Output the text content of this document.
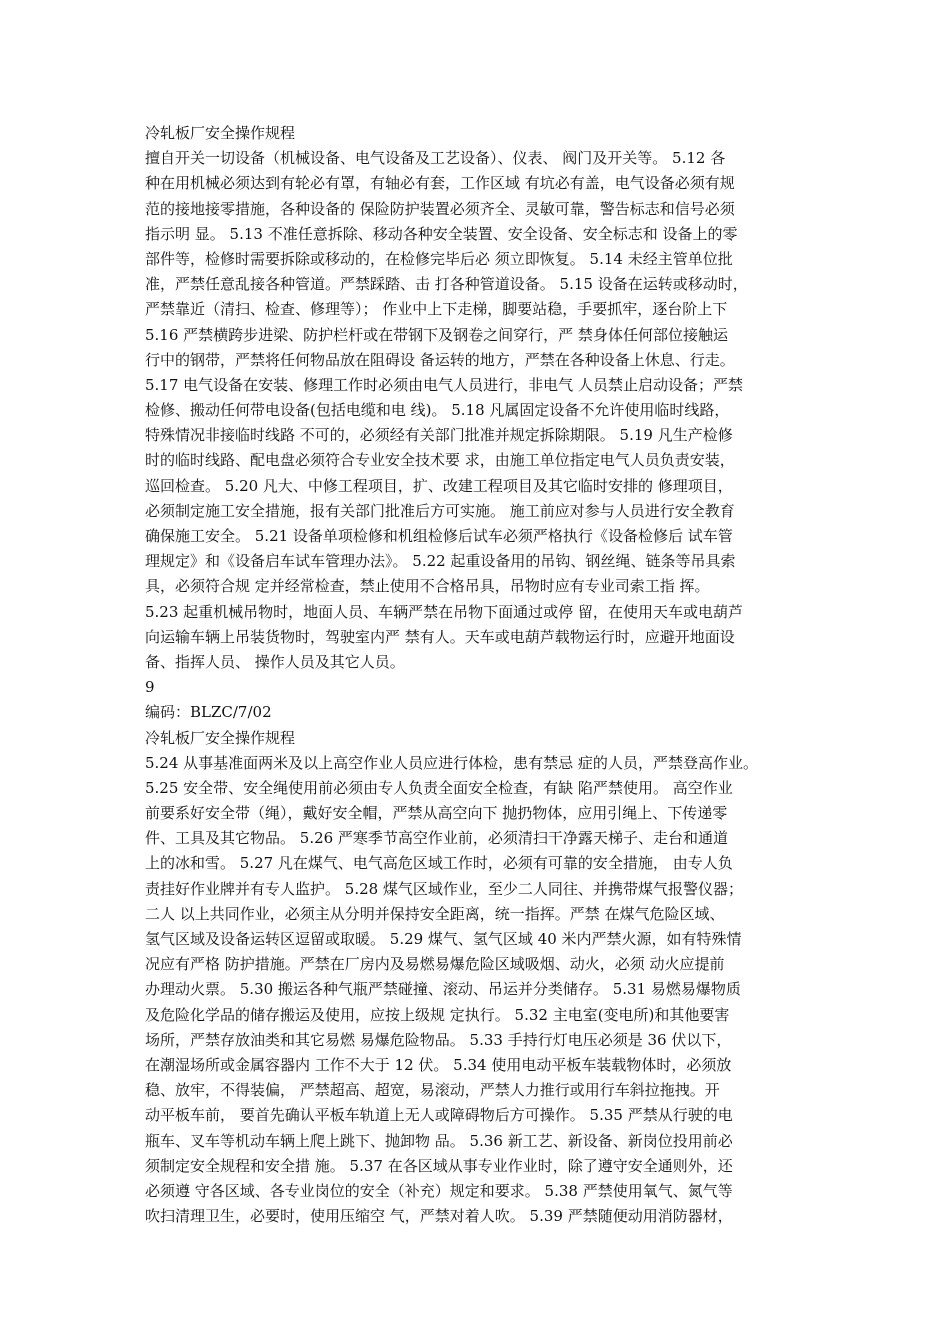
冷轧板厂安全操作规程
擅自开关一切设备（机械设备、电气设备及工艺设备）、仪表、 阀门及开关等。 5.12 各
种在用机械必须达到有轮必有罩，有轴必有套，工作区域 有坑必有盖，电气设备必须有规
范的接地接零措施，各种设备的 保险防护装置必须齐全、灵敏可靠，警告标志和信号必须
指示明 显。 5.13 不准任意拆除、移动各种安全装置、安全设备、安全标志和 设备上的零
部件等，检修时需要拆除或移动的，在检修完毕后必 须立即恢复。 5.14 未经主管单位批
准，严禁任意乱接各种管道。严禁踩踏、击 打各种管道设备。 5.15 设备在运转或移动时，
严禁靠近（清扫、检查、修理等）； 作业中上下走梯，脚要站稳，手要抓牢，逐台阶上下
5.16 严禁横跨步进梁、防护栏杆或在带钢下及钢卷之间穿行，严 禁身体任何部位接触运
行中的钢带，严禁将任何物品放在阻碍设 备运转的地方，严禁在各种设备上休息、行走。
5.17 电气设备在安装、修理工作时必须由电气人员进行，非电气 人员禁止启动设备；严禁
检修、搬动任何带电设备(包括电缆和电 线)。 5.18 凡属固定设备不允许使用临时线路，
特殊情况非接临时线路 不可的，必须经有关部门批准并规定拆除期限。 5.19 凡生产检修
时的临时线路、配电盘必须符合专业安全技术要 求，由施工单位指定电气人员负责安装，
巡回检查。 5.20 凡大、中修工程项目，扩、改建工程项目及其它临时安排的 修理项目，
必须制定施工安全措施，报有关部门批准后方可实施。 施工前应对参与人员进行安全教育
确保施工安全。 5.21 设备单项检修和机组检修后试车必须严格执行《设备检修后 试车管
理规定》和《设备启车试车管理办法》。 5.22 起重设备用的吊钩、钢丝绳、链条等吊具索
具，必须符合规 定并经常检查，禁止使用不合格吊具，吊物时应有专业司索工指 挥。
5.23 起重机械吊物时，地面人员、车辆严禁在吊物下面通过或停 留，在使用天车或电葫芦
向运输车辆上吊装货物时，驾驶室内严 禁有人。天车或电葫芦载物运行时，应避开地面设
备、指挥人员、 操作人员及其它人员。
9
编码：BLZC/7/02
冷轧板厂安全操作规程
5.24 从事基准面两米及以上高空作业人员应进行体检，患有禁忌 症的人员，严禁登高作业。
5.25 安全带、安全绳使用前必须由专人负责全面安全检查，有缺 陷严禁使用。 高空作业
前要系好安全带（绳），戴好安全帽，严禁从高空向下 抛扔物体，应用引绳上、下传递零
件、工具及其它物品。 5.26 严寒季节高空作业前，必须清扫干净露天梯子、走台和通道
上的冰和雪。 5.27 凡在煤气、电气高危区域工作时，必须有可靠的安全措施， 由专人负
责挂好作业牌并有专人监护。 5.28 煤气区域作业，至少二人同往、并携带煤气报警仪器；
二人 以上共同作业，必须主从分明并保持安全距离，统一指挥。严禁 在煤气危险区域、
氢气区域及设备运转区逗留或取暖。 5.29 煤气、氢气区域 40 米内严禁火源，如有特殊情
况应有严格 防护措施。严禁在厂房内及易燃易爆危险区域吸烟、动火，必须 动火应提前
办理动火票。 5.30 搬运各种气瓶严禁碰撞、滚动、吊运并分类储存。 5.31 易燃易爆物质
及危险化学品的储存搬运及使用，应按上级规 定执行。 5.32 主电室(变电所)和其他要害
场所，严禁存放油类和其它易燃 易爆危险物品。 5.33 手持行灯电压必须是 36 伏以下，
在潮湿场所或金属容器内 工作不大于 12 伏。 5.34 使用电动平板车装载物体时，必须放
稳、放牢，不得装偏， 严禁超高、超宽，易滚动，严禁人力推行或用行车斜拉拖拽。开
动平板车前， 要首先确认平板车轨道上无人或障碍物后方可操作。 5.35 严禁从行驶的电
瓶车、叉车等机动车辆上爬上跳下、抛卸物 品。 5.36 新工艺、新设备、新岗位投用前必
须制定安全规程和安全措 施。 5.37 在各区域从事专业作业时，除了遵守安全通则外，还
必须遵 守各区域、各专业岗位的安全（补充）规定和要求。 5.38 严禁使用氧气、氮气等
吹扫清理卫生，必要时，使用压缩空 气，严禁对着人吹。 5.39 严禁随便动用消防器材，
